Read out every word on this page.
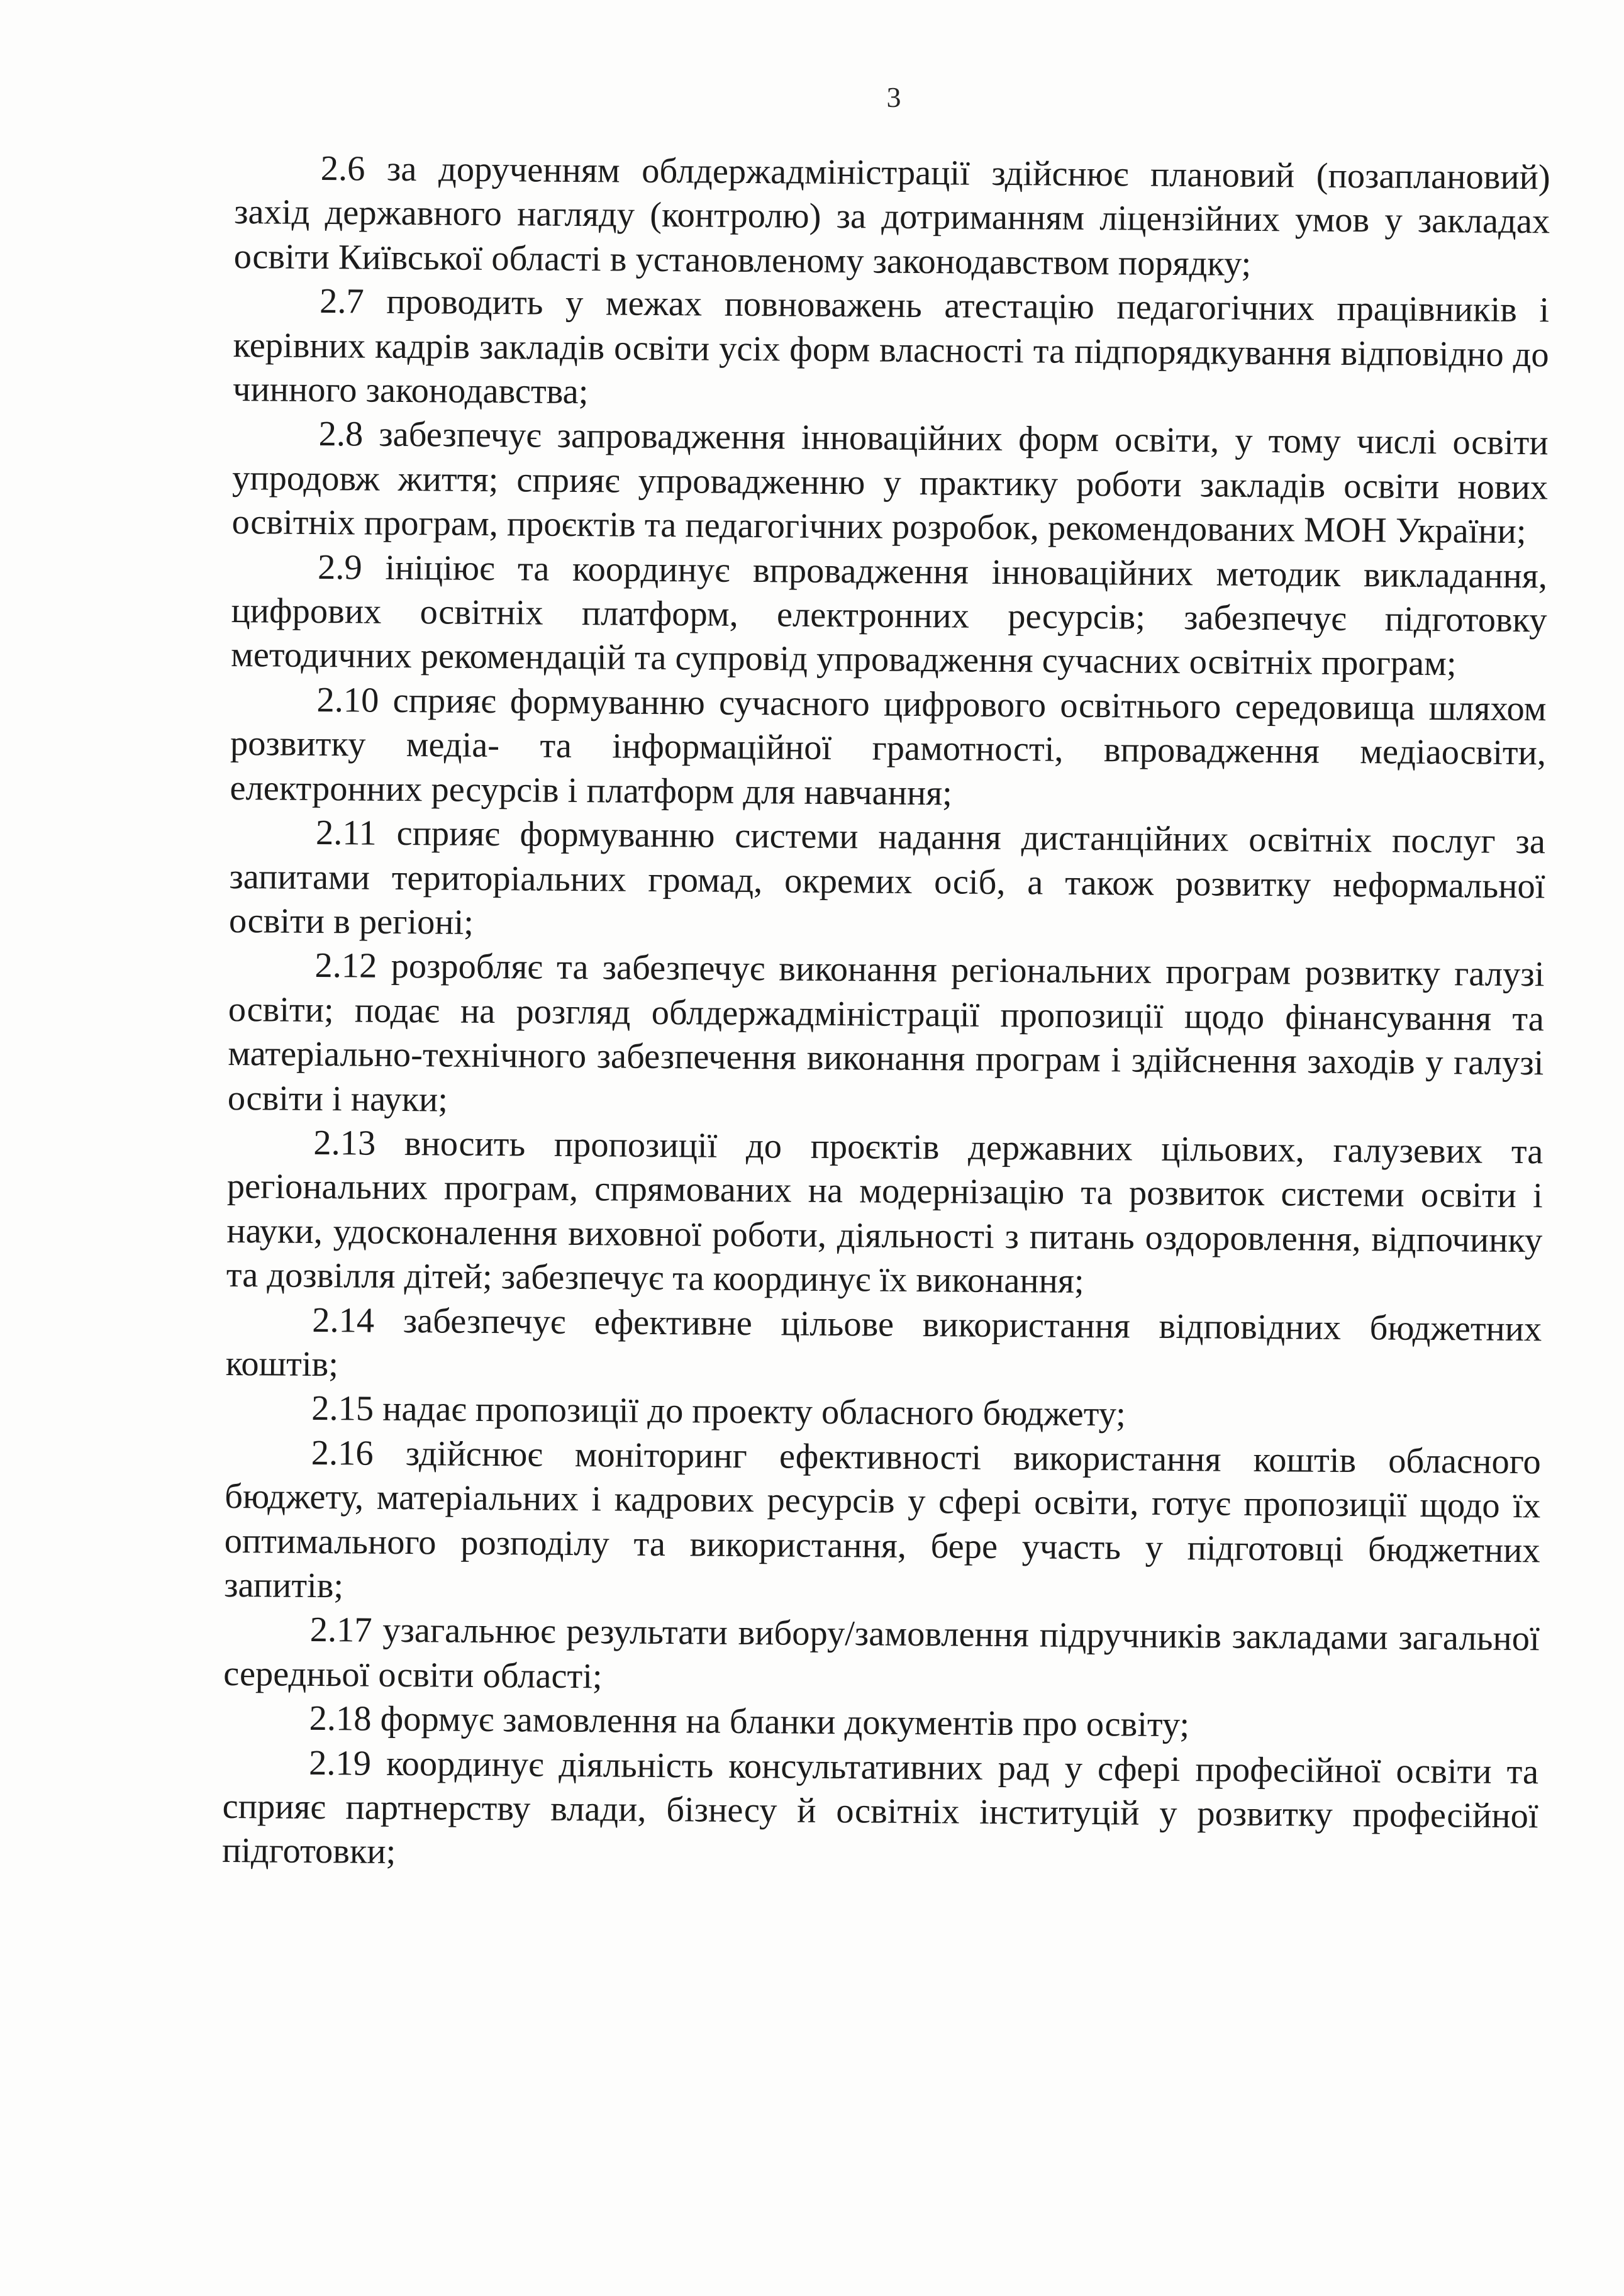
3

2.6 за дорученням облдержадміністрації здійснює плановий (позаплановий) захід державного нагляду (контролю) за дотриманням ліцензійних умов у закладах освіти Київської області в установленому законодавством порядку;

2.7 проводить у межах повноважень атестацію педагогічних працівників і керівних кадрів закладів освіти усіх форм власності та підпорядкування відповідно до чинного законодавства;

2.8 забезпечує запровадження інноваційних форм освіти, у тому числі освіти упродовж життя; сприяє упровадженню у практику роботи закладів освіти нових освітніх програм, проєктів та педагогічних розробок, рекомендованих МОН України;

2.9 ініціює та координує впровадження інноваційних методик викладання, цифрових освітніх платформ, електронних ресурсів; забезпечує підготовку методичних рекомендацій та супровід упровадження сучасних освітніх програм;

2.10 сприяє формуванню сучасного цифрового освітнього середовища шляхом розвитку медіа- та інформаційної грамотності, впровадження медіаосвіти, електронних ресурсів і платформ для навчання;

2.11 сприяє формуванню системи надання дистанційних освітніх послуг за запитами територіальних громад, окремих осіб, а також розвитку неформальної освіти в регіоні;

2.12 розробляє та забезпечує виконання регіональних програм розвитку галузі освіти; подає на розгляд облдержадміністрації пропозиції щодо фінансування та матеріально-технічного забезпечення виконання програм і здійснення заходів у галузі освіти і науки;

2.13 вносить пропозиції до проєктів державних цільових, галузевих та регіональних програм, спрямованих на модернізацію та розвиток системи освіти і науки, удосконалення виховної роботи, діяльності з питань оздоровлення, відпочинку та дозвілля дітей; забезпечує та координує їх виконання;

2.14 забезпечує ефективне цільове використання відповідних бюджетних коштів;

2.15 надає пропозиції до проекту обласного бюджету;

2.16 здійснює моніторинг ефективності використання коштів обласного бюджету, матеріальних і кадрових ресурсів у сфері освіти, готує пропозиції щодо їх оптимального розподілу та використання, бере участь у підготовці бюджетних запитів;

2.17 узагальнює результати вибору/замовлення підручників закладами загальної середньої освіти області;

2.18 формує замовлення на бланки документів про освіту;

2.19 координує діяльність консультативних рад у сфері професійної освіти та сприяє партнерству влади, бізнесу й освітніх інституцій у розвитку професійної підготовки;
